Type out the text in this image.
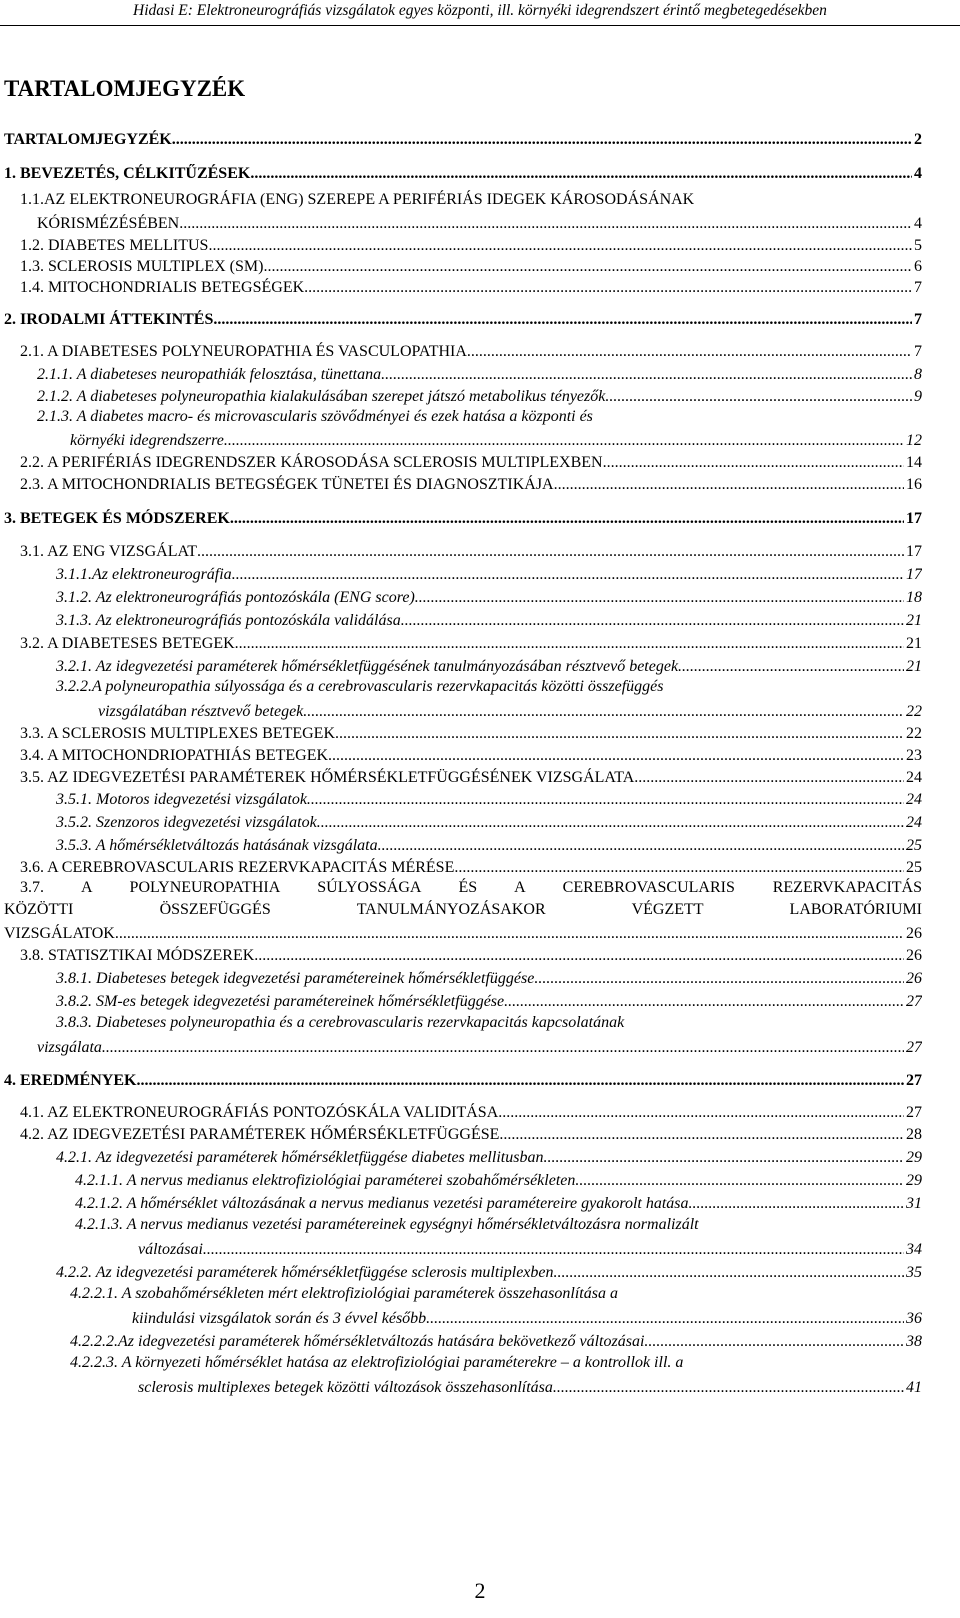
Hidasi E: Elektroneurográfiás vizsgálatok egyes központi, ill. környéki idegrendszert érintő megbetegedésekben
TARTALOMJEGYZÉK
TARTALOMJEGYZÉK .....	2
1. BEVEZETÉS, CÉLKITŰZÉSEK .....	4
1.1.AZ ELEKTRONEUROGRÁFIA (ENG) SZEREPE A PERIFÉRIÁS IDEGEK KÁROSODÁSÁNAK
KÓRISMÉZÉSÉBEN .....	4
1.2. DIABETES MELLITUS .....	5
1.3. SCLEROSIS MULTIPLEX (SM) .....	6
1.4. MITOCHONDRIALIS BETEGSÉGEK .....	7
2. IRODALMI ÁTTEKINTÉS .....	7
2.1. A DIABETESES POLYNEUROPATHIA ÉS VASCULOPATHIA .....	7
2.1.1. A diabeteses neuropathiák felosztása, tünettana .....	8
2.1.2. A diabeteses polyneuropathia kialakulásában szerepet játszó metabolikus tényezők .....	9
2.1.3. A diabetes macro- és microvascularis szövődményei és ezek hatása a központi és
környéki idegrendszerre .....	12
2.2. A PERIFÉRIÁS IDEGRENDSZER KÁROSODÁSA SCLEROSIS MULTIPLEXBEN .....	14
2.3. A MITOCHONDRIALIS BETEGSÉGEK TÜNETEI ÉS DIAGNOSZTIKÁJA .....	16
3. BETEGEK ÉS MÓDSZEREK .....	17
3.1. AZ ENG VIZSGÁLAT .....	17
3.1.1.Az elektroneurográfia .....	17
3.1.2. Az elektroneurográfiás pontozóskála (ENG score) .....	18
3.1.3. Az elektroneurográfiás pontozóskála validálása .....	21
3.2. A DIABETESES BETEGEK .....	21
3.2.1. Az idegvezetési paraméterek hőmérsékletfüggésének tanulmányozásában résztvevő betegek .....	21
3.2.2.A polyneuropathia súlyossága és a cerebrovascularis rezervkapacitás közötti összefüggés
vizsgálatában résztvevő betegek .....	22
3.3. A SCLEROSIS MULTIPLEXES BETEGEK .....	22
3.4. A MITOCHONDRIOPATHIÁS BETEGEK .....	23
3.5. AZ IDEGVEZETÉSI PARAMÉTEREK HŐMÉRSÉKLETFÜGGÉSÉNEK VIZSGÁLATA .....	24
3.5.1. Motoros idegvezetési vizsgálatok .....	24
3.5.2. Szenzoros idegvezetési vizsgálatok .....	24
3.5.3. A hőmérsékletváltozás hatásának vizsgálata .....	25
3.6. A CEREBROVASCULARIS REZERVKAPACITÁS MÉRÉSE .....	25
3.7. A POLYNEUROPATHIA SÚLYOSSÁGA ÉS A CEREBROVASCULARIS REZERVKAPACITÁS
KÖZÖTTI ÖSSZEFÜGGÉS TANULMÁNYOZÁSAKOR VÉGZETT LABORATÓRIUMI
VIZSGÁLATOK .....	26
3.8. STATISZTIKAI MÓDSZEREK .....	26
3.8.1. Diabeteses betegek idegvezetési paramétereinek hőmérsékletfüggése .....	26
3.8.2. SM-es betegek idegvezetési paramétereinek hőmérsékletfüggése .....	27
3.8.3. Diabeteses polyneuropathia és a cerebrovascularis rezervkapacitás kapcsolatának
vizsgálata .....	27
4. EREDMÉNYEK .....	27
4.1. AZ ELEKTRONEUROGRÁFIÁS PONTOZÓSKÁLA VALIDITÁSA .....	27
4.2. AZ IDEGVEZETÉSI PARAMÉTEREK HŐMÉRSÉKLETFÜGGÉSE .....	28
4.2.1. Az idegvezetési paraméterek hőmérsékletfüggése diabetes mellitusban .....	29
4.2.1.1. A nervus medianus elektrofiziológiai paraméterei szobahőmérsékleten .....	29
4.2.1.2. A hőmérséklet változásának a nervus medianus vezetési paramétereire gyakorolt hatása .....	31
4.2.1.3. A nervus medianus vezetési paramétereinek egységnyi hőmérsékletváltozásra normalizált
változásai .....	34
4.2.2. Az idegvezetési paraméterek hőmérsékletfüggése sclerosis multiplexben .....	35
4.2.2.1. A szobahőmérsékleten mért elektrofiziológiai paraméterek összehasonlítása a
kiindulási vizsgálatok során és 3 évvel később .....	36
4.2.2.2.Az idegvezetési paraméterek hőmérsékletváltozás hatására bekövetkező változásai .....	38
4.2.2.3. A környezeti hőmérséklet hatása az elektrofiziológiai paraméterekre – a kontrollok ill. a
sclerosis multiplexes betegek közötti változások összehasonlítása .....	41
2
